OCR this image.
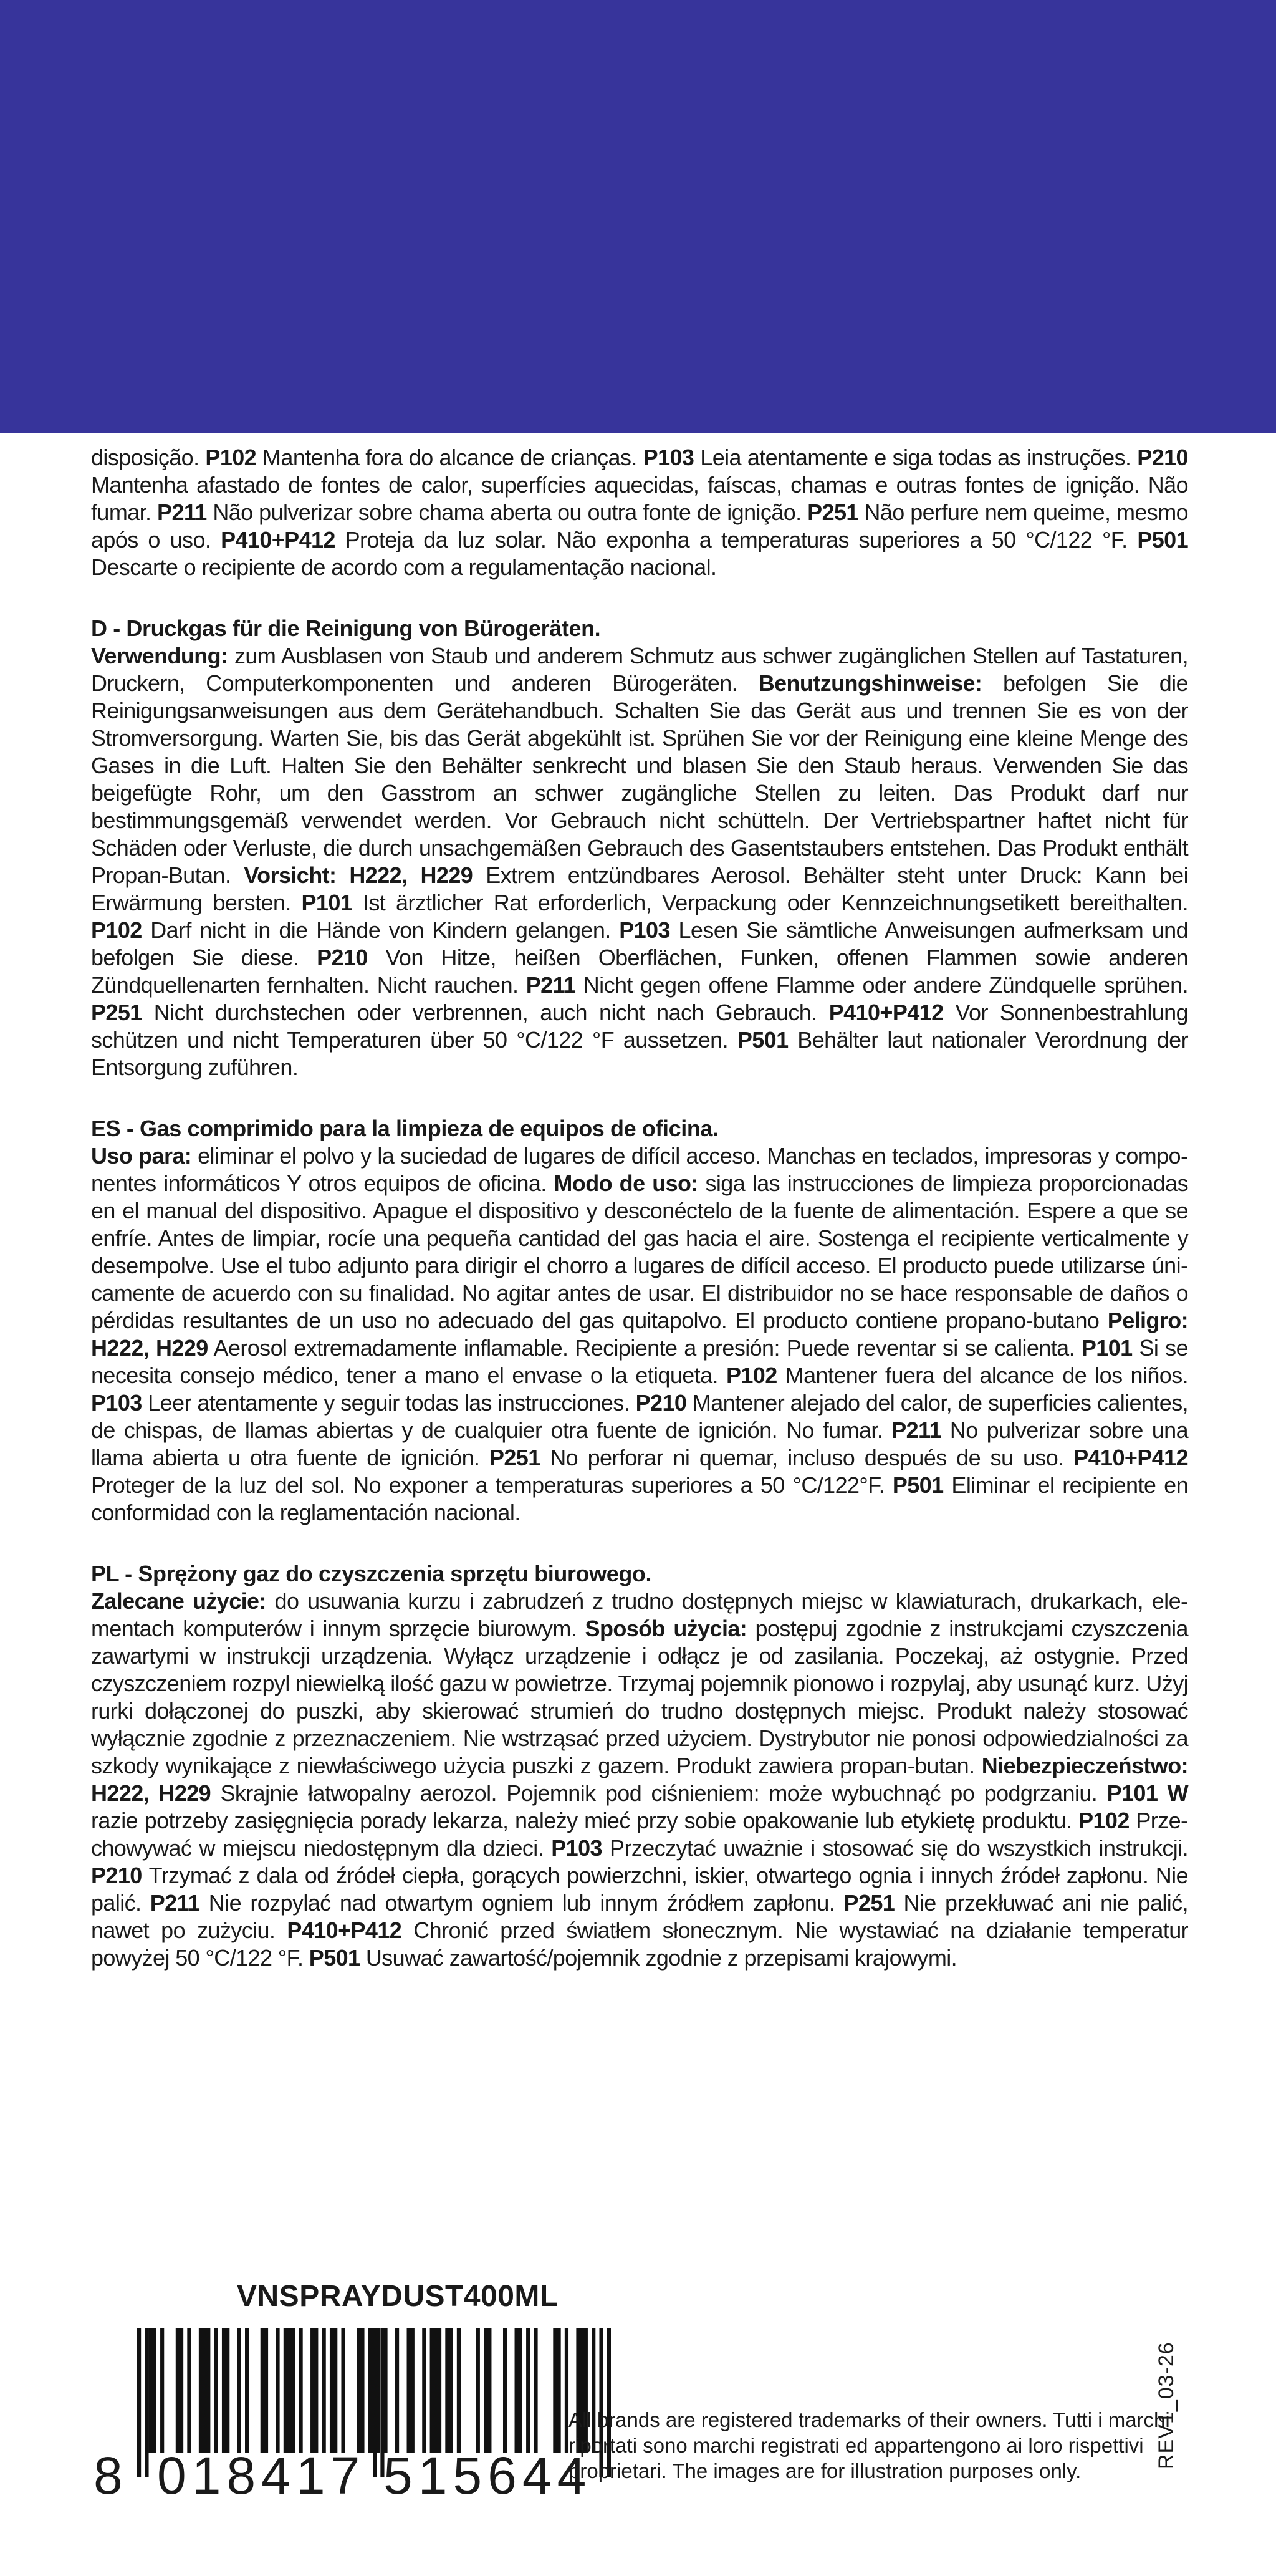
disposição. P102 Mantenha fora do alcance de crianças. P103 Leia atentamente e siga todas as instruções. P210 Mantenha afastado de fontes de calor, superfícies aquecidas, faíscas, chamas e outras fontes de ignição. Não fumar. P211 Não pulverizar sobre chama aberta ou outra fonte de ignição. P251 Não perfure nem queime, mesmo após o uso. P410+P412 Proteja da luz solar. Não exponha a temperaturas superiores a 50 °C/122 °F. P501 Descarte o recipiente de acordo com a regulamentação nacional.

D - Druckgas für die Reinigung von Bürogeräten.

Verwendung: zum Ausblasen von Staub und anderem Schmutz aus schwer zugänglichen Stellen auf Tastaturen, Druckern, Computerkomponenten und anderen Bürogeräten. Benutzungshinweise: befolgen Sie die Reinigungsanweisungen aus dem Gerätehandbuch. Schalten Sie das Gerät aus und trennen Sie es von der Stromversorgung. Warten Sie, bis das Gerät abgekühlt ist. Sprühen Sie vor der Reinigung eine kleine Menge des Gases in die Luft. Halten Sie den Behälter senkrecht und blasen Sie den Staub heraus. Verwenden Sie das beigefügte Rohr, um den Gasstrom an schwer zugängliche Stellen zu leiten. Das Produkt darf nur bestimmungsgemäß verwendet werden. Vor Gebrauch nicht schütteln. Der Vertriebspartner haftet nicht für Schäden oder Verluste, die durch unsachgemäßen Gebrauch des Gasentstaubers entstehen. Das Produkt enthält Propan-Butan. Vorsicht: H222, H229 Extrem entzündbares Aerosol. Behälter steht unter Druck: Kann bei Erwärmung bersten. P101 Ist ärztlicher Rat erforderlich, Verpackung oder Kennzeichnungsetikett bereithalten. P102 Darf nicht in die Hände von Kindern gelangen. P103 Lesen Sie sämtliche Anweisungen aufmerksam und befolgen Sie diese. P210 Von Hitze, heißen Oberflächen, Funken, offenen Flammen sowie anderen Zündquellenarten fernhalten. Nicht rauchen. P211 Nicht gegen offene Flamme oder andere Zündquelle sprühen. P251 Nicht durchstechen oder verbrennen, auch nicht nach Gebrauch. P410+P412 Vor Sonnenbestrahlung schützen und nicht Temperaturen über 50 °C/122 °F aussetzen. P501 Behälter laut nationaler Verordnung der Entsorgung zuführen.

ES - Gas comprimido para la limpieza de equipos de oficina.

Uso para: eliminar el polvo y la suciedad de lugares de difícil acceso. Manchas en teclados, impresoras y componentes informáticos Y otros equipos de oficina. Modo de uso: siga las instrucciones de limpieza proporcionadas en el manual del dispositivo. Apague el dispositivo y desconéctelo de la fuente de alimentación. Espere a que se enfríe. Antes de limpiar, rocíe una pequeña cantidad del gas hacia el aire. Sostenga el recipiente verticalmente y desempolve. Use el tubo adjunto para dirigir el chorro a lugares de difícil acceso. El producto puede utilizarse únicamente de acuerdo con su finalidad. No agitar antes de usar. El distribuidor no se hace responsable de daños o pérdidas resultantes de un uso no adecuado del gas quitapolvo. El producto contiene propano-butano Peligro: H222, H229 Aerosol extremadamente inflamable. Recipiente a presión: Puede reventar si se calienta. P101 Si se necesita consejo médico, tener a mano el envase o la etiqueta. P102 Mantener fuera del alcance de los niños. P103 Leer atentamente y seguir todas las instrucciones. P210 Mantener alejado del calor, de superficies calientes, de chispas, de llamas abiertas y de cualquier otra fuente de ignición. No fumar. P211 No pulverizar sobre una llama abierta u otra fuente de ignición. P251 No perforar ni quemar, incluso después de su uso. P410+P412 Proteger de la luz del sol. No exponer a temperaturas superiores a 50 °C/122°F. P501 Eliminar el recipiente en conformidad con la reglamentación nacional.

PL - Sprężony gaz do czyszczenia sprzętu biurowego.

Zalecane użycie: do usuwania kurzu i zabrudzeń z trudno dostępnych miejsc w klawiaturach, drukarkach, elementach komputerów i innym sprzęcie biurowym. Sposób użycia: postępuj zgodnie z instrukcjami czyszczenia zawartymi w instrukcji urządzenia. Wyłącz urządzenie i odłącz je od zasilania. Poczekaj, aż ostygnie. Przed czyszczeniem rozpyl niewielką ilość gazu w powietrze. Trzymaj pojemnik pionowo i rozpylaj, aby usunąć kurz. Użyj rurki dołączonej do puszki, aby skierować strumień do trudno dostępnych miejsc. Produkt należy stosować wyłącznie zgodnie z przeznaczeniem. Nie wstrząsać przed użyciem. Dystrybutor nie ponosi odpowiedzialności za szkody wynikające z niewłaściwego użycia puszki z gazem. Produkt zawiera propan-butan. Niebezpieczeństwo: H222, H229 Skrajnie łatwopalny aerozol. Pojemnik pod ciśnieniem: może wybuchnąć po podgrzaniu. P101 W razie potrzeby zasięgnięcia porady lekarza, należy mieć przy sobie opakowanie lub etykietę produktu. P102 Przechowywać w miejscu niedostępnym dla dzieci. P103 Przeczytać uważnie i stosować się do wszystkich instrukcji. P210 Trzymać z dala od źródeł ciepła, gorących powierzchni, iskier, otwartego ognia i innych źródeł zapłonu. Nie palić. P211 Nie rozpylać nad otwartym ogniem lub innym źródłem zapłonu. P251 Nie przekłuwać ani nie palić, nawet po zużyciu. P410+P412 Chronić przed światłem słonecznym. Nie wystawiać na działanie temperatur powyżej 50 °C/122 °F. P501 Usuwać zawartość/pojemnik zgodnie z przepisami krajowymi.

VNSPRAYDUST400ML
8 018417 515644
REV1_03-26

All brands are registered trademarks of their owners. Tutti i marchi riportati sono marchi registrati ed appartengono ai loro rispettivi proprietari. The images are for illustration purposes only.
